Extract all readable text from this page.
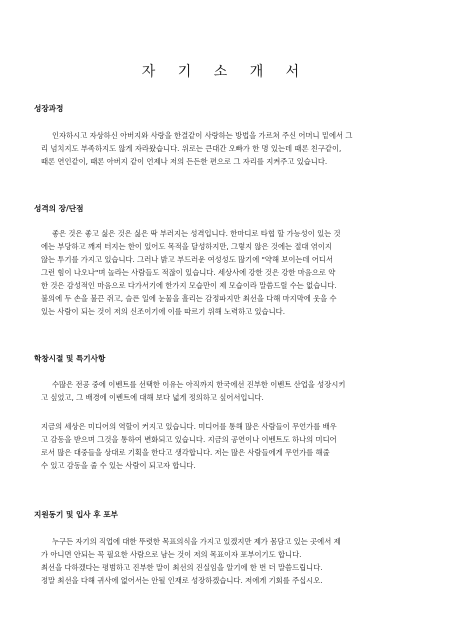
자 기 소 개 서
성장과정

인자하시고 자상하신 아버지와 사랑을 한결같이 사랑하는 방법을 가르쳐 주신 어머니 밑에서 그

리 넘치지도 부족하지도 않게 자라왔습니다. 위로는 큰대간 오빠가 한 명 있는데 때론 친구같이,

때론 연인같이, 때론 아버지 같이 언제나 저의 든든한 편으로 그 자리를 지켜주고 있습니다.

성격의 장/단점

좋은 것은 좋고 싫은 것은 싫은 딱 부러지는 성격입니다. 한마디로 타협 할 가능성이 있는 것

에는 부당하고 깨져 터지는 한이 있어도 목적을 달성하지만, 그렇지 않은 것에는 절대 엮이지

않는 투기를 가지고 있습니다. 그러나 밝고 부드러운 여성성도 많기에 "약해 보이는데 어디서

그런 힘이 나오나"며 놀라는 사람들도 적잖이 있습니다. 세상사에 강한 것은 강한 마음으로 약

한 것은 감성적인 마음으로 다가서기에 한가지 모습만이 제 모습이라 말씀드릴 수는 없습니다.

불의에 두 손을 불끈 쥐고, 슬픈 일에 눈물을 흘리는 감정파지만 최선을 다해 마지막에 웃을 수

있는 사람이 되는 것이 저의 신조이기에 이를 따르기 위해 노력하고 있습니다.

학창시절 및 특기사항

수많은 전공 중에 이벤트를 선택한 이유는 아직까지 한국에선 진부한 이벤트 산업을 성장시키

고 싶었고, 그 배경에 이벤트에 대해 보다 넓게 정의하고 싶어서입니다.

지금의 세상은 미디어의 역할이 커지고 있습니다. 미디어를 통해 많은 사람들이 무언가를 배우

고 감동을 받으며 그것을 통하여 변화되고 있습니다. 지금의 공연이나 이벤트도 하나의 미디어

로서 많은 대중들을 상대로 기획을 한다고 생각합니다. 저는 많은 사람들에게 무언가를 해줄

수 있고 감동을 줄 수 있는 사람이 되고자 합니다.

지원동기 및 입사 후 포부

누구든 자기의 직업에 대한 뚜렷한 목표의식을 가지고 있겠지만 제가 몸담고 있는 곳에서 제

가 아니면 안되는 꼭 필요한 사람으로 남는 것이 저의 목표이자 포부이기도 합니다.

최선을 다하겠다는 평범하고 진부한 말이 최선의 진실임을 알기에 한 번 더 말씀드립니다.

정말 최선을 다해 귀사에 없어서는 안될 인재로 성장하겠습니다. 저에게 기회를 주십시오.
